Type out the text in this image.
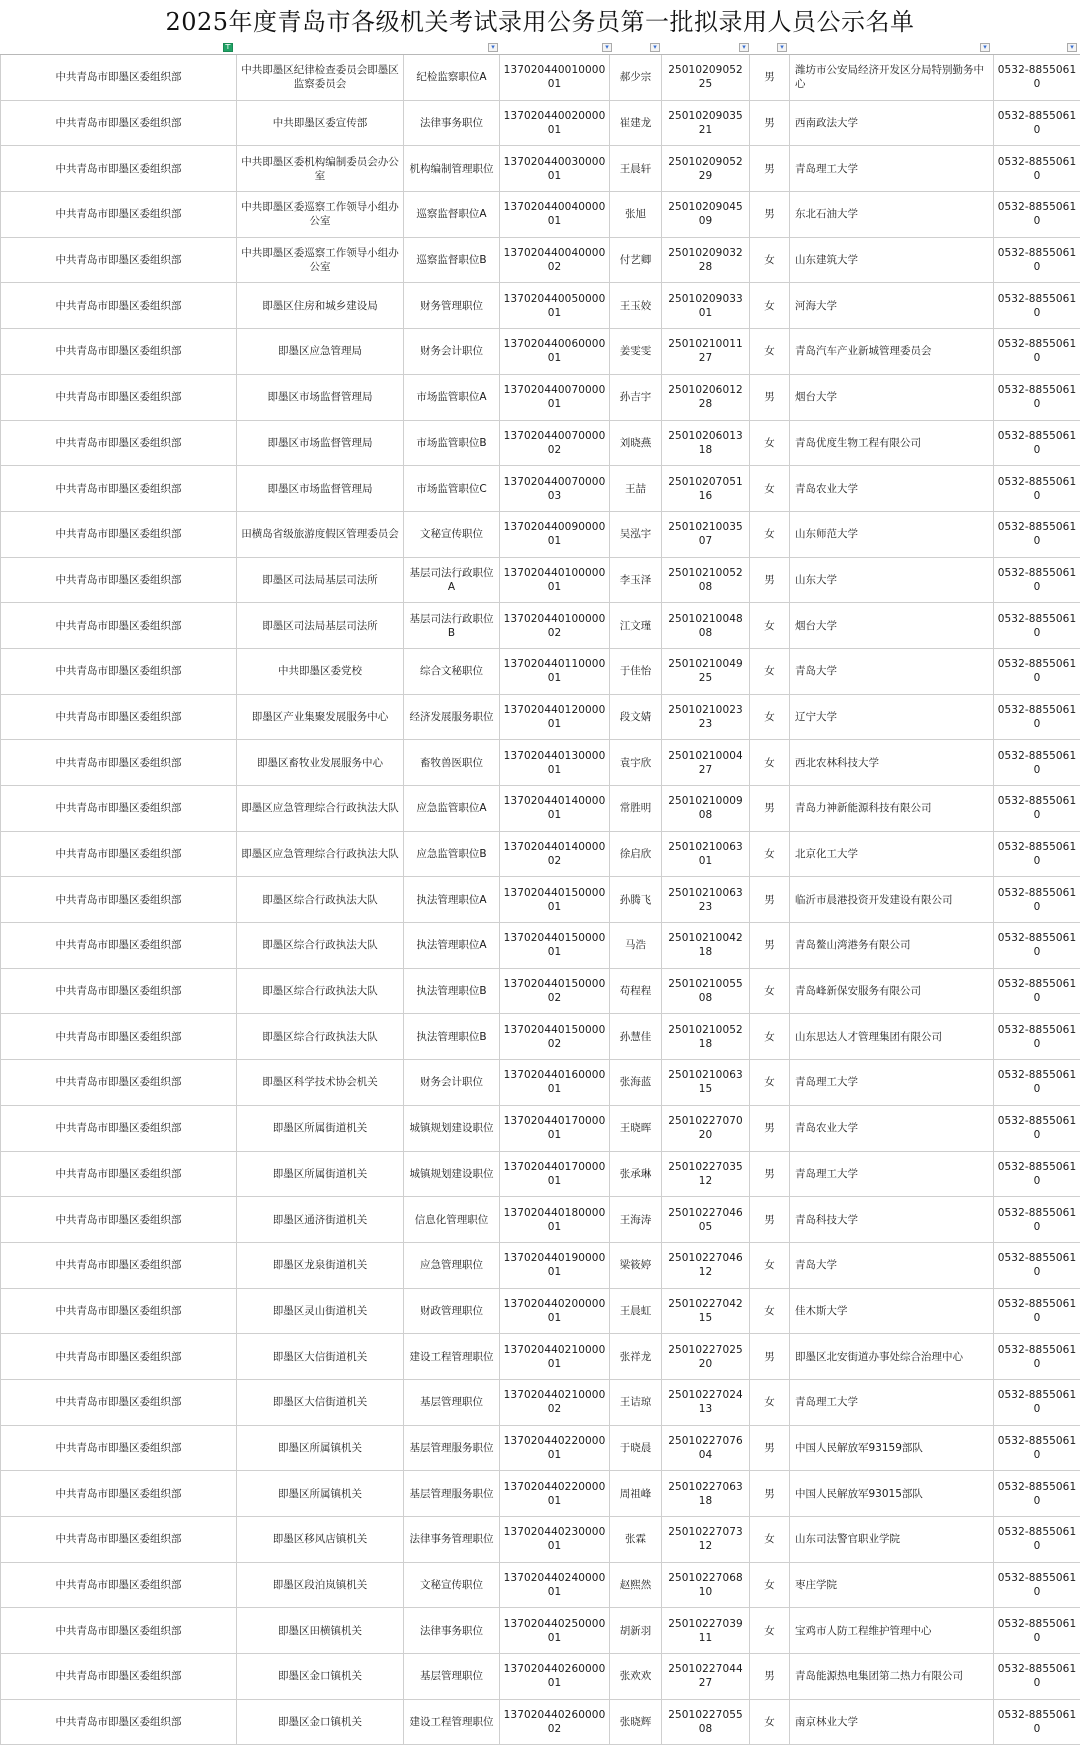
2025年度青岛市各级机关考试录用公务员第一批拟录用人员公示名单
⊤	▾	▾	▾	▾	▾	▾	▾
中共青岛市即墨区委组织部	中共即墨区纪律检查委员会即墨区监察委员会	纪检监察职位A	13702044001000001	郝少宗	2501020905225	男	潍坊市公安局经济开发区分局特别勤务中心	0532-88550610
中共青岛市即墨区委组织部	中共即墨区委宣传部	法律事务职位	13702044002000001	崔建龙	2501020903521	男	西南政法大学	0532-88550610
中共青岛市即墨区委组织部	中共即墨区委机构编制委员会办公室	机构编制管理职位	13702044003000001	王晨轩	2501020905229	男	青岛理工大学	0532-88550610
中共青岛市即墨区委组织部	中共即墨区委巡察工作领导小组办公室	巡察监督职位A	13702044004000001	张旭	2501020904509	男	东北石油大学	0532-88550610
中共青岛市即墨区委组织部	中共即墨区委巡察工作领导小组办公室	巡察监督职位B	13702044004000002	付艺卿	2501020903228	女	山东建筑大学	0532-88550610
中共青岛市即墨区委组织部	即墨区住房和城乡建设局	财务管理职位	13702044005000001	王玉姣	2501020903301	女	河海大学	0532-88550610
中共青岛市即墨区委组织部	即墨区应急管理局	财务会计职位	13702044006000001	姜雯雯	2501021001127	女	青岛汽车产业新城管理委员会	0532-88550610
中共青岛市即墨区委组织部	即墨区市场监督管理局	市场监管职位A	13702044007000001	孙吉宇	2501020601228	男	烟台大学	0532-88550610
中共青岛市即墨区委组织部	即墨区市场监督管理局	市场监管职位B	13702044007000002	刘晓燕	2501020601318	女	青岛优度生物工程有限公司	0532-88550610
中共青岛市即墨区委组织部	即墨区市场监督管理局	市场监管职位C	13702044007000003	王喆	2501020705116	女	青岛农业大学	0532-88550610
中共青岛市即墨区委组织部	田横岛省级旅游度假区管理委员会	文秘宣传职位	13702044009000001	吴泓宇	2501021003507	女	山东师范大学	0532-88550610
中共青岛市即墨区委组织部	即墨区司法局基层司法所	基层司法行政职位A	13702044010000001	李玉泽	2501021005208	男	山东大学	0532-88550610
中共青岛市即墨区委组织部	即墨区司法局基层司法所	基层司法行政职位B	13702044010000002	江文瑾	2501021004808	女	烟台大学	0532-88550610
中共青岛市即墨区委组织部	中共即墨区委党校	综合文秘职位	13702044011000001	于佳怡	2501021004925	女	青岛大学	0532-88550610
中共青岛市即墨区委组织部	即墨区产业集聚发展服务中心	经济发展服务职位	13702044012000001	段文婧	2501021002323	女	辽宁大学	0532-88550610
中共青岛市即墨区委组织部	即墨区畜牧业发展服务中心	畜牧兽医职位	13702044013000001	袁宇欣	2501021000427	女	西北农林科技大学	0532-88550610
中共青岛市即墨区委组织部	即墨区应急管理综合行政执法大队	应急监管职位A	13702044014000001	常胜明	2501021000908	男	青岛力神新能源科技有限公司	0532-88550610
中共青岛市即墨区委组织部	即墨区应急管理综合行政执法大队	应急监管职位B	13702044014000002	徐启欣	2501021006301	女	北京化工大学	0532-88550610
中共青岛市即墨区委组织部	即墨区综合行政执法大队	执法管理职位A	13702044015000001	孙腾飞	2501021006323	男	临沂市晨港投资开发建设有限公司	0532-88550610
中共青岛市即墨区委组织部	即墨区综合行政执法大队	执法管理职位A	13702044015000001	马浩	2501021004218	男	青岛鳌山湾港务有限公司	0532-88550610
中共青岛市即墨区委组织部	即墨区综合行政执法大队	执法管理职位B	13702044015000002	苟程程	2501021005508	女	青岛峰新保安服务有限公司	0532-88550610
中共青岛市即墨区委组织部	即墨区综合行政执法大队	执法管理职位B	13702044015000002	孙慧佳	2501021005218	女	山东思达人才管理集团有限公司	0532-88550610
中共青岛市即墨区委组织部	即墨区科学技术协会机关	财务会计职位	13702044016000001	张海蓝	2501021006315	女	青岛理工大学	0532-88550610
中共青岛市即墨区委组织部	即墨区所属街道机关	城镇规划建设职位	13702044017000001	王晓晖	2501022707020	男	青岛农业大学	0532-88550610
中共青岛市即墨区委组织部	即墨区所属街道机关	城镇规划建设职位	13702044017000001	张承琳	2501022703512	男	青岛理工大学	0532-88550610
中共青岛市即墨区委组织部	即墨区通济街道机关	信息化管理职位	13702044018000001	王海涛	2501022704605	男	青岛科技大学	0532-88550610
中共青岛市即墨区委组织部	即墨区龙泉街道机关	应急管理职位	13702044019000001	梁筱婷	2501022704612	女	青岛大学	0532-88550610
中共青岛市即墨区委组织部	即墨区灵山街道机关	财政管理职位	13702044020000001	王晨虹	2501022704215	女	佳木斯大学	0532-88550610
中共青岛市即墨区委组织部	即墨区大信街道机关	建设工程管理职位	13702044021000001	张祥龙	2501022702520	男	即墨区北安街道办事处综合治理中心	0532-88550610
中共青岛市即墨区委组织部	即墨区大信街道机关	基层管理职位	13702044021000002	王诘琼	2501022702413	女	青岛理工大学	0532-88550610
中共青岛市即墨区委组织部	即墨区所属镇机关	基层管理服务职位	13702044022000001	于晓晨	2501022707604	男	中国人民解放军93159部队	0532-88550610
中共青岛市即墨区委组织部	即墨区所属镇机关	基层管理服务职位	13702044022000001	周祖峰	2501022706318	男	中国人民解放军93015部队	0532-88550610
中共青岛市即墨区委组织部	即墨区移风店镇机关	法律事务管理职位	13702044023000001	张霖	2501022707312	女	山东司法警官职业学院	0532-88550610
中共青岛市即墨区委组织部	即墨区段泊岚镇机关	文秘宣传职位	13702044024000001	赵熙然	2501022706810	女	枣庄学院	0532-88550610
中共青岛市即墨区委组织部	即墨区田横镇机关	法律事务职位	13702044025000001	胡新羽	2501022703911	女	宝鸡市人防工程维护管理中心	0532-88550610
中共青岛市即墨区委组织部	即墨区金口镇机关	基层管理职位	13702044026000001	张欢欢	2501022704427	男	青岛能源热电集团第二热力有限公司	0532-88550610
中共青岛市即墨区委组织部	即墨区金口镇机关	建设工程管理职位	13702044026000002	张晓辉	2501022705508	女	南京林业大学	0532-88550610
